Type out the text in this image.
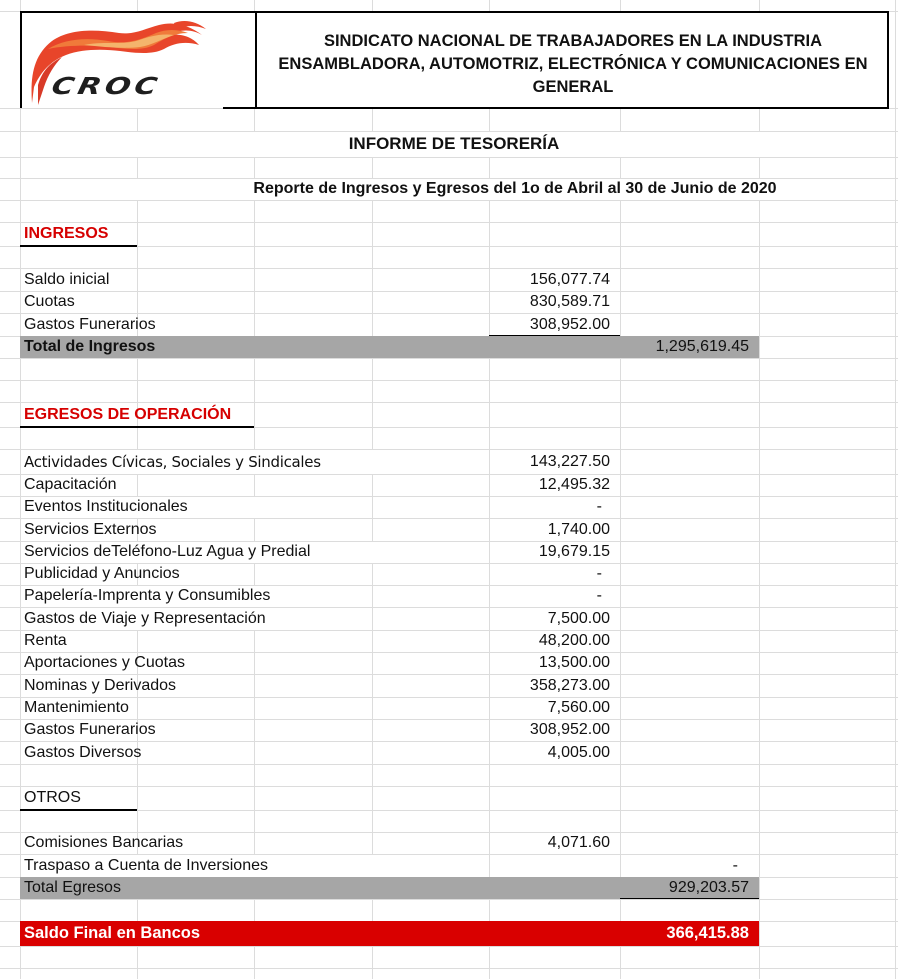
CROC
SINDICATO NACIONAL DE TRABAJADORES EN LA INDUSTRIA
ENSAMBLADORA, AUTOMOTRIZ, ELECTRÓNICA Y COMUNICACIONES EN
GENERAL
INFORME DE TESORERÍA
Reporte de Ingresos y Egresos del 1o de Abril al 30 de Junio de 2020
INGRESOS
Saldo inicial	156,077.74
Cuotas	830,589.71
Gastos Funerarios	308,952.00
Total de Ingresos	1,295,619.45
EGRESOS DE OPERACIÓN
Actividades Cívicas, Sociales y Sindicales	143,227.50
Capacitación	12,495.32
Eventos Institucionales	-
Servicios Externos	1,740.00
Servicios deTeléfono-Luz Agua y Predial	19,679.15
Publicidad y Anuncios	-
Papelería-Imprenta y Consumibles	-
Gastos de Viaje y Representación	7,500.00
Renta	48,200.00
Aportaciones y Cuotas	13,500.00
Nominas y Derivados	358,273.00
Mantenimiento	7,560.00
Gastos Funerarios	308,952.00
Gastos Diversos	4,005.00
OTROS
Comisiones Bancarias	4,071.60
Traspaso a Cuenta de Inversiones	-
Total Egresos	929,203.57
Saldo Final en Bancos	366,415.88
